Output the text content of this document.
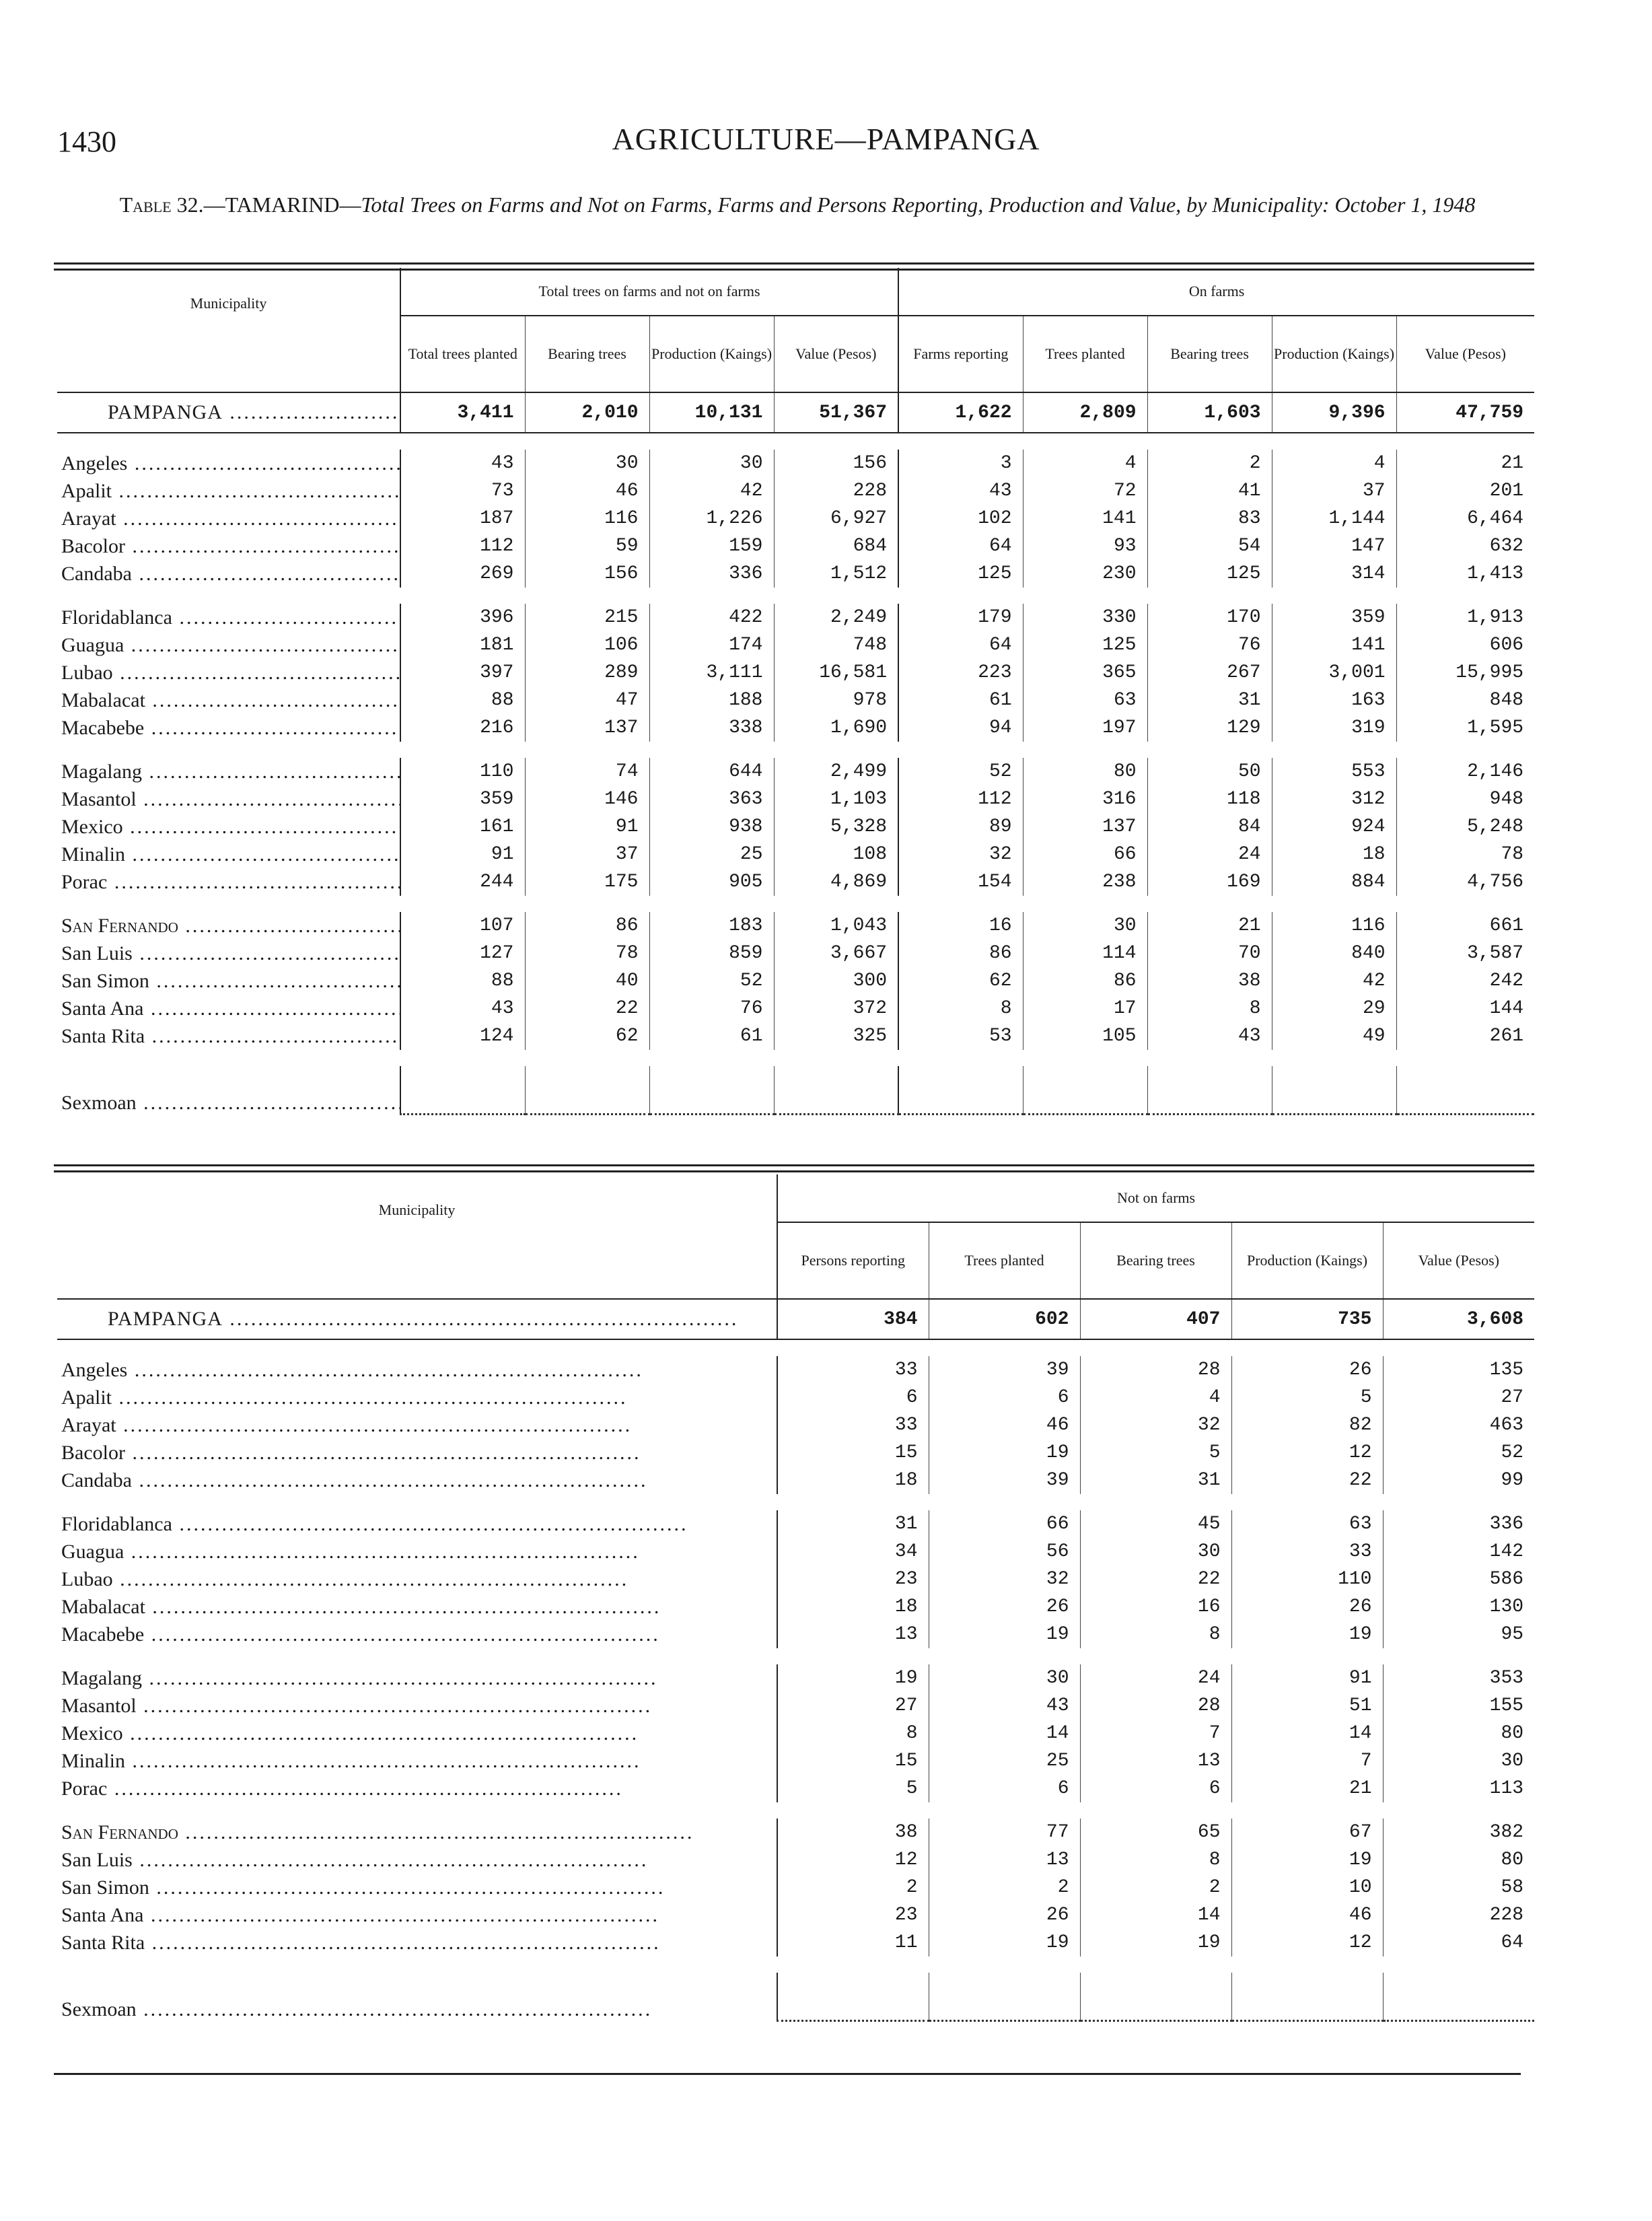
1430	AGRICULTURE—PAMPANGA
Table 32.—TAMARIND—Total Trees on Farms and Not on Farms, Farms and Persons Reporting, Production and Value, by Municipality: October 1, 1948
Municipality	Total trees on farms and not on farms				On farms				
	Total trees planted	Bearing trees	Production (Kaings)	Value (Pesos)	Farms reporting	Trees planted	Bearing trees	Production (Kaings)	Value (Pesos)
PAMPANGA .....	3,411	2,010	10,131	51,367	1,622	2,809	1,603	9,396	47,759

Angeles .....	43	30	30	156	3	4	2	4	21
Apalit .....	73	46	42	228	43	72	41	37	201
Arayat .....	187	116	1,226	6,927	102	141	83	1,144	6,464
Bacolor .....	112	59	159	684	64	93	54	147	632
Candaba .....	269	156	336	1,512	125	230	125	314	1,413

Floridablanca .....	396	215	422	2,249	179	330	170	359	1,913
Guagua .....	181	106	174	748	64	125	76	141	606
Lubao .....	397	289	3,111	16,581	223	365	267	3,001	15,995
Mabalacat .....	88	47	188	978	61	63	31	163	848
Macabebe .....	216	137	338	1,690	94	197	129	319	1,595

Magalang .....	110	74	644	2,499	52	80	50	553	2,146
Masantol .....	359	146	363	1,103	112	316	118	312	948
Mexico .....	161	91	938	5,328	89	137	84	924	5,248
Minalin .....	91	37	25	108	32	66	24	18	78
Porac .....	244	175	905	4,869	154	238	169	884	4,756

San Fernando .....	107	86	183	1,043	16	30	21	116	661
San Luis .....	127	78	859	3,667	86	114	70	840	3,587
San Simon .....	88	40	52	300	62	86	38	42	242
Santa Ana .....	43	22	76	372	8	17	8	29	144
Santa Rita .....	124	62	61	325	53	105	43	49	261

Sexmoan .....									
Municipality	Not on farms				
	Persons reporting	Trees planted	Bearing trees	Production (Kaings)	Value (Pesos)
PAMPANGA .....	384	602	407	735	3,608

Angeles .....	33	39	28	26	135
Apalit .....	6	6	4	5	27
Arayat .....	33	46	32	82	463
Bacolor .....	15	19	5	12	52
Candaba .....	18	39	31	22	99

Floridablanca .....	31	66	45	63	336
Guagua .....	34	56	30	33	142
Lubao .....	23	32	22	110	586
Mabalacat .....	18	26	16	26	130
Macabebe .....	13	19	8	19	95

Magalang .....	19	30	24	91	353
Masantol .....	27	43	28	51	155
Mexico .....	8	14	7	14	80
Minalin .....	15	25	13	7	30
Porac .....	5	6	6	21	113

San Fernando .....	38	77	65	67	382
San Luis .....	12	13	8	19	80
San Simon .....	2	2	2	10	58
Santa Ana .....	23	26	14	46	228
Santa Rita .....	11	19	19	12	64

Sexmoan .....					
